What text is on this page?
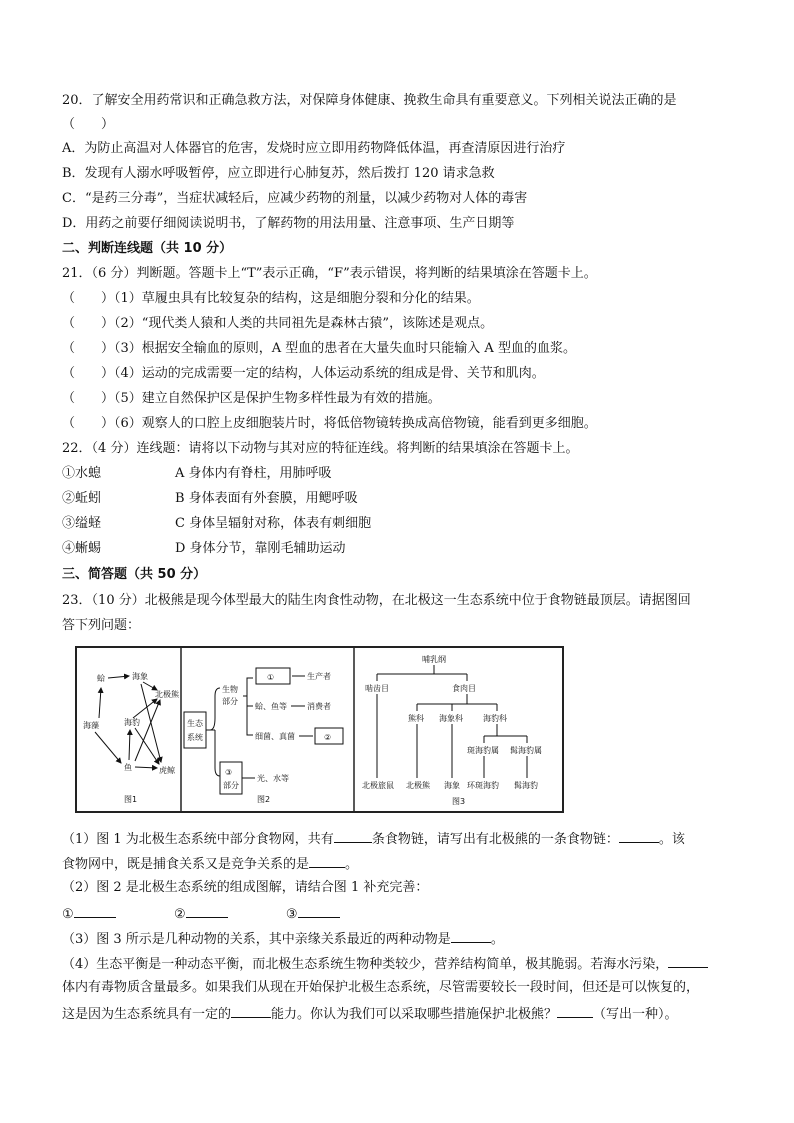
20．了解安全用药常识和正确急救方法，对保障身体健康、挽救生命具有重要意义。下列相关说法正确的是
（　　）
A．为防止高温对人体器官的危害，发烧时应立即用药物降低体温，再查清原因进行治疗
B．发现有人溺水呼吸暂停，应立即进行心肺复苏，然后拨打 120 请求急救
C．“是药三分毒”，当症状减轻后，应减少药物的剂量，以减少药物对人体的毒害
D．用药之前要仔细阅读说明书，了解药物的用法用量、注意事项、生产日期等
二、判断连线题（共 10 分）
21．（6 分）判断题。答题卡上“T”表示正确，“F”表示错误，将判断的结果填涂在答题卡上。
（　　）（1）草履虫具有比较复杂的结构，这是细胞分裂和分化的结果。
（　　）（2）“现代类人猿和人类的共同祖先是森林古猿”，该陈述是观点。
（　　）（3）根据安全输血的原则，A 型血的患者在大量失血时只能输入 A 型血的血浆。
（　　）（4）运动的完成需要一定的结构，人体运动系统的组成是骨、关节和肌肉。
（　　）（5）建立自然保护区是保护生物多样性最为有效的措施。
（　　）（6）观察人的口腔上皮细胞装片时，将低倍物镜转换成高倍物镜，能看到更多细胞。
22．（4 分）连线题：请将以下动物与其对应的特征连线。将判断的结果填涂在答题卡上。
①水螅	A 身体内有脊柱，用肺呼吸
②蚯蚓	B 身体表面有外套膜，用鳃呼吸
③缢蛏	C 身体呈辐射对称，体表有刺细胞
④蜥蜴	D 身体分节，靠刚毛辅助运动
三、简答题（共 50 分）
23．（10 分）北极熊是现今体型最大的陆生肉食性动物，在北极这一生态系统中位于食物链最顶层。请据图回
答下列问题：
蛤	海象
北极熊
海藻	海豹
鱼	虎鲸
图1
生态
系统
生物
部分
①	生产者
蛤、鱼等	消费者
细菌、真菌	②
③
部分
光、水等
图2
哺乳纲
啮齿目	食肉目
熊科 海象科	海豹科
斑海豹属 髯海豹属
北极旅鼠 北极熊 海象 环斑海豹 髯海豹
图3
（1）图 1 为北极生态系统中部分食物网，共有	条食物链，请写出有北极熊的一条食物链：	。该
食物网中，既是捕食关系又是竞争关系的是	。
（2）图 2 是北极生态系统的组成图解，请结合图 1 补充完善：
①	②	③
（3）图 3 所示是几种动物的关系，其中亲缘关系最近的两种动物是	。
（4）生态平衡是一种动态平衡，而北极生态系统生物种类较少，营养结构简单，极其脆弱。若海水污染，
体内有毒物质含量最多。如果我们从现在开始保护北极生态系统，尽管需要较长一段时间，但还是可以恢复的，
这是因为生态系统具有一定的	能力。你认为我们可以采取哪些措施保护北极熊？	（写出一种）。
